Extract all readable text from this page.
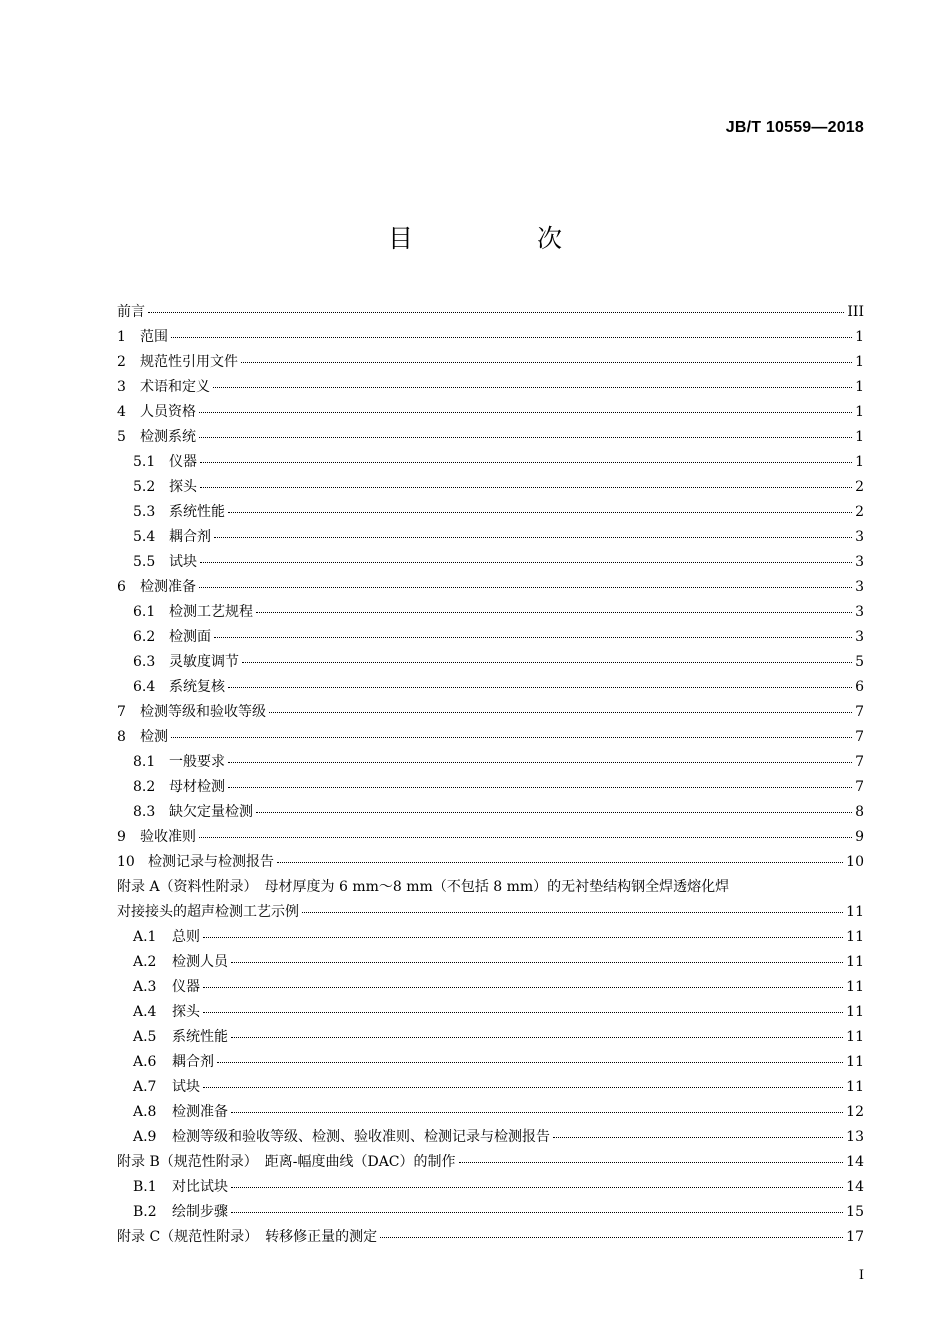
JB/T 10559—2018
目 次
前言	III
1	范围	1
2	规范性引用文件	1
3	术语和定义	1
4	人员资格	1
5	检测系统	1
5.1 仪器	1
5.2 探头	2
5.3 系统性能	2
5.4 耦合剂	3
5.5 试块	3
6	检测准备	3
6.1 检测工艺规程	3
6.2 检测面	3
6.3 灵敏度调节	5
6.4 系统复核	6
7	检测等级和验收等级	7
8	检测	7
8.1 一般要求	7
8.2 母材检测	7
8.3 缺欠定量检测	8
9	验收准则	9
10 检测记录与检测报告	10
附录 A（资料性附录）　母材厚度为 6 mm～8 mm（不包括 8 mm）的无衬垫结构钢全焊透熔化焊
对接接头的超声检测工艺示例	11
A.1	总则	11
A.2	检测人员	11
A.3	仪器	11
A.4	探头	11
A.5	系统性能	11
A.6	耦合剂	11
A.7	试块	11
A.8	检测准备	12
A.9	检测等级和验收等级、检测、验收准则、检测记录与检测报告	13
附录 B（规范性附录）　距离-幅度曲线（DAC）的制作	14
B.1	对比试块	14
B.2	绘制步骤	15
附录 C（规范性附录）　转移修正量的测定	17
I
